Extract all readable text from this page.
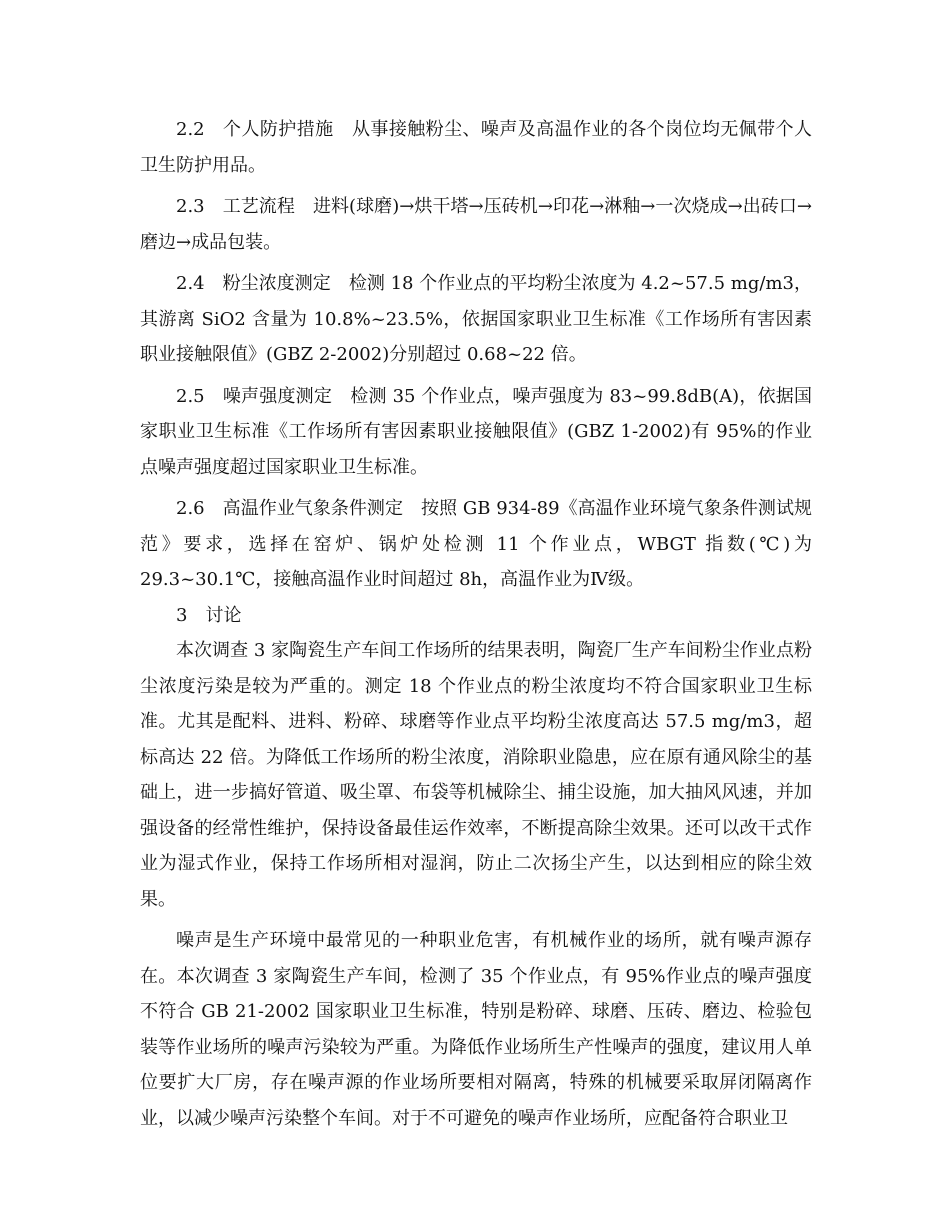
2.2 个人防护措施 从事接触粉尘、噪声及高温作业的各个岗位均无佩带个人卫生防护用品。

2.3 工艺流程 进料(球磨)→烘干塔→压砖机→印花→淋釉→一次烧成→出砖口→磨边→成品包装。

2.4 粉尘浓度测定 检测 18 个作业点的平均粉尘浓度为 4.2~57.5 mg/m3，其游离 SiO2 含量为 10.8%~23.5%，依据国家职业卫生标准《工作场所有害因素职业接触限值》(GBZ 2-2002)分别超过 0.68~22 倍。

2.5 噪声强度测定 检测 35 个作业点，噪声强度为 83~99.8dB(A)，依据国家职业卫生标准《工作场所有害因素职业接触限值》(GBZ 1-2002)有 95%的作业点噪声强度超过国家职业卫生标准。

2.6 高温作业气象条件测定 按照 GB 934-89《高温作业环境气象条件测试规范》要求，选择在窑炉、锅炉处检测 11 个作业点，WBGT 指数(℃)为 29.3~30.1℃，接触高温作业时间超过 8h，高温作业为Ⅳ级。

3 讨论

本次调查 3 家陶瓷生产车间工作场所的结果表明，陶瓷厂生产车间粉尘作业点粉尘浓度污染是较为严重的。测定 18 个作业点的粉尘浓度均不符合国家职业卫生标准。尤其是配料、进料、粉碎、球磨等作业点平均粉尘浓度高达 57.5 mg/m3，超标高达 22 倍。为降低工作场所的粉尘浓度，消除职业隐患，应在原有通风除尘的基础上，进一步搞好管道、吸尘罩、布袋等机械除尘、捕尘设施，加大抽风风速，并加强设备的经常性维护，保持设备最佳运作效率，不断提高除尘效果。还可以改干式作业为湿式作业，保持工作场所相对湿润，防止二次扬尘产生，以达到相应的除尘效果。

噪声是生产环境中最常见的一种职业危害，有机械作业的场所，就有噪声源存在。本次调查 3 家陶瓷生产车间，检测了 35 个作业点，有 95%作业点的噪声强度不符合 GB 21-2002 国家职业卫生标准，特别是粉碎、球磨、压砖、磨边、检验包装等作业场所的噪声污染较为严重。为降低作业场所生产性噪声的强度，建议用人单位要扩大厂房，存在噪声源的作业场所要相对隔离，特殊的机械要采取屏闭隔离作业，以减少噪声污染整个车间。对于不可避免的噪声作业场所，应配备符合职业卫
